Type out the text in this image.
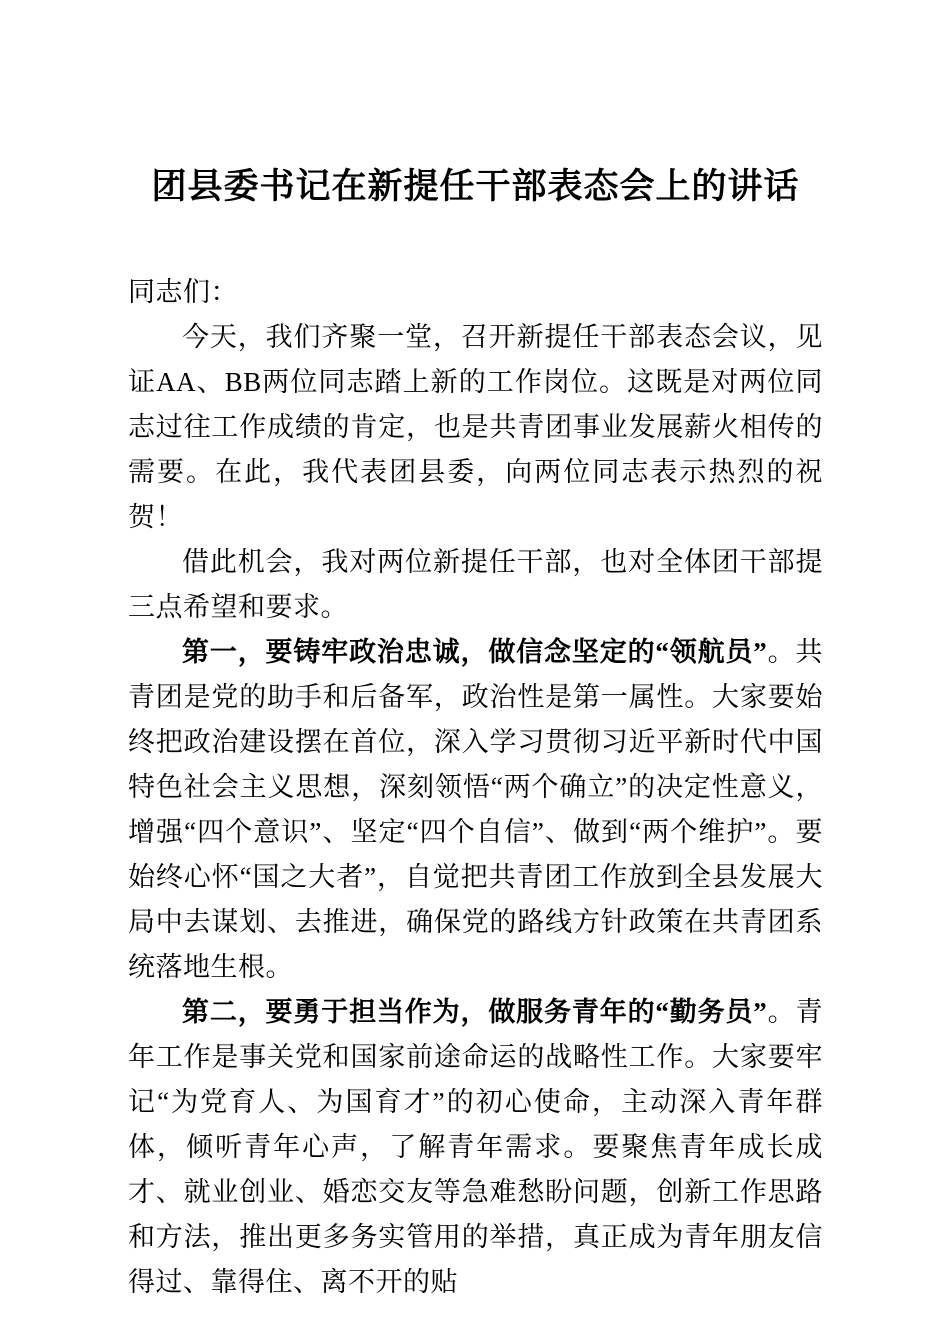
团县委书记在新提任干部表态会上的讲话

同志们：

今天，我们齐聚一堂，召开新提任干部表态会议，见证AA、BB两位同志踏上新的工作岗位。这既是对两位同志过往工作成绩的肯定，也是共青团事业发展薪火相传的需要。在此，我代表团县委，向两位同志表示热烈的祝贺！

借此机会，我对两位新提任干部，也对全体团干部提三点希望和要求。

第一，要铸牢政治忠诚，做信念坚定的“领航员”。共青团是党的助手和后备军，政治性是第一属性。大家要始终把政治建设摆在首位，深入学习贯彻习近平新时代中国特色社会主义思想，深刻领悟“两个确立”的决定性意义，增强“四个意识”、坚定“四个自信”、做到“两个维护”。要始终心怀“国之大者”，自觉把共青团工作放到全县发展大局中去谋划、去推进，确保党的路线方针政策在共青团系统落地生根。

第二，要勇于担当作为，做服务青年的“勤务员”。青年工作是事关党和国家前途命运的战略性工作。大家要牢记“为党育人、为国育才”的初心使命，主动深入青年群体，倾听青年心声，了解青年需求。要聚焦青年成长成才、就业创业、婚恋交友等急难愁盼问题，创新工作思路和方法，推出更多务实管用的举措，真正成为青年朋友信得过、靠得住、离不开的贴
